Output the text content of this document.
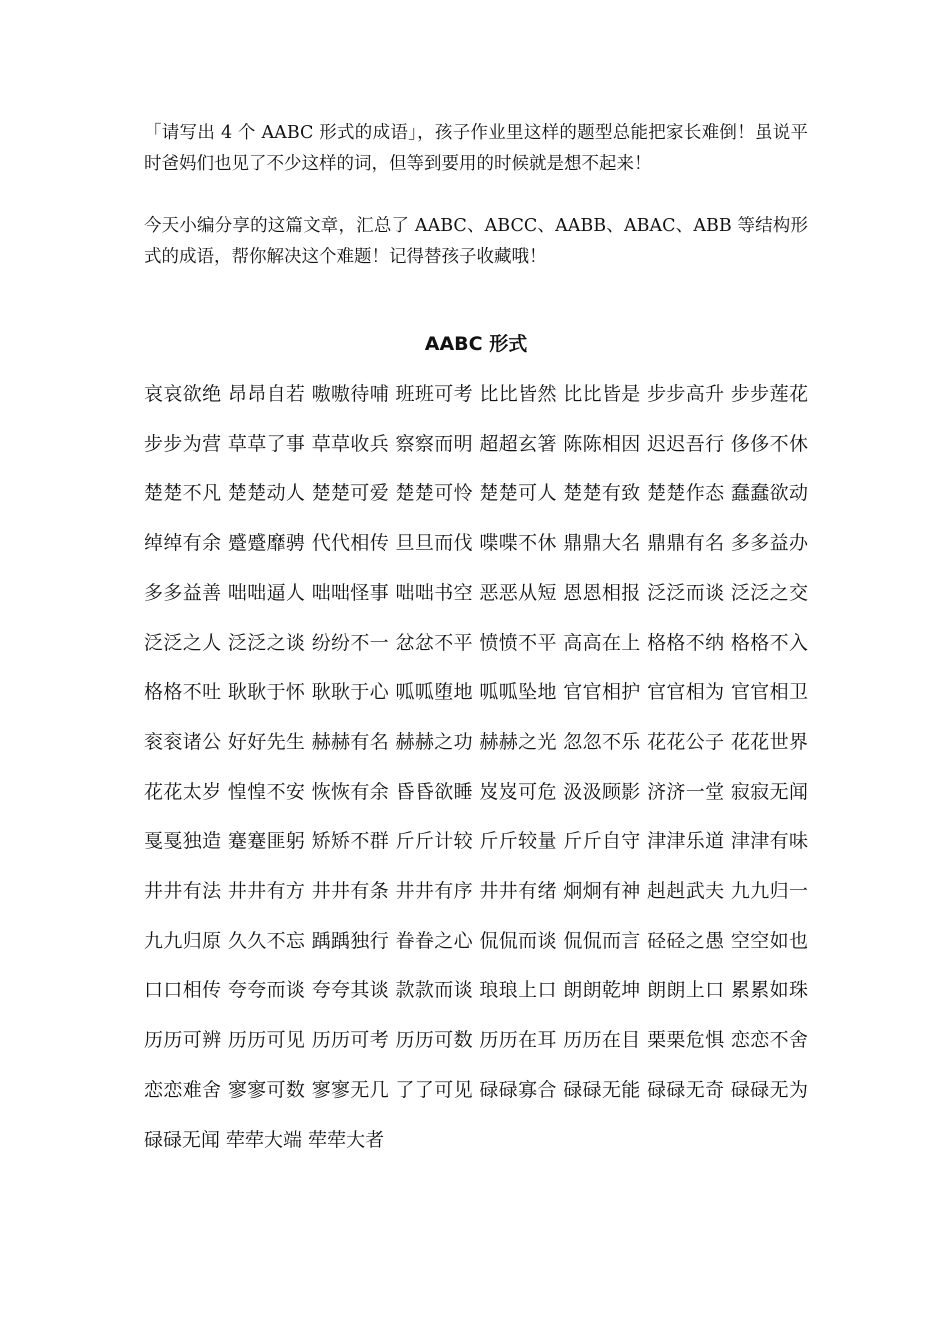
「请写出 4 个 AABC 形式的成语」，孩子作业里这样的题型总能把家长难倒！虽说平时爸妈们也见了不少这样的词，但等到要用的时候就是想不起来！

今天小编分享的这篇文章，汇总了 AABC、ABCC、AABB、ABAC、ABB 等结构形式的成语，帮你解决这个难题！记得替孩子收藏哦！

AABC 形式

哀哀欲绝 昂昂自若 嗷嗷待哺 班班可考 比比皆然 比比皆是 步步高升 步步莲花 步步为营 草草了事 草草收兵 察察而明 超超玄箸 陈陈相因 迟迟吾行 侈侈不休 楚楚不凡 楚楚动人 楚楚可爱 楚楚可怜 楚楚可人 楚楚有致 楚楚作态 蠢蠢欲动 绰绰有余 蹙蹙靡骋 代代相传 旦旦而伐 喋喋不休 鼎鼎大名 鼎鼎有名 多多益办 多多益善 咄咄逼人 咄咄怪事 咄咄书空 恶恶从短 恩恩相报 泛泛而谈 泛泛之交 泛泛之人 泛泛之谈 纷纷不一 忿忿不平 愤愤不平 高高在上 格格不纳 格格不入 格格不吐 耿耿于怀 耿耿于心 呱呱堕地 呱呱坠地 官官相护 官官相为 官官相卫 衮衮诸公 好好先生 赫赫有名 赫赫之功 赫赫之光 忽忽不乐 花花公子 花花世界 花花太岁 惶惶不安 恢恢有余 昏昏欲睡 岌岌可危 汲汲顾影 济济一堂 寂寂无闻 戛戛独造 蹇蹇匪躬 矫矫不群 斤斤计较 斤斤较量 斤斤自守 津津乐道 津津有味 井井有法 井井有方 井井有条 井井有序 井井有绪 炯炯有神 赳赳武夫 九九归一 九九归原 久久不忘 踽踽独行 眷眷之心 侃侃而谈 侃侃而言 硁硁之愚 空空如也 口口相传 夸夸而谈 夸夸其谈 款款而谈 琅琅上口 朗朗乾坤 朗朗上口 累累如珠 历历可辨 历历可见 历历可考 历历可数 历历在耳 历历在目 栗栗危惧 恋恋不舍 恋恋难舍 寥寥可数 寥寥无几 了了可见 碌碌寡合 碌碌无能 碌碌无奇 碌碌无为 碌碌无闻 荦荦大端 荦荦大者
